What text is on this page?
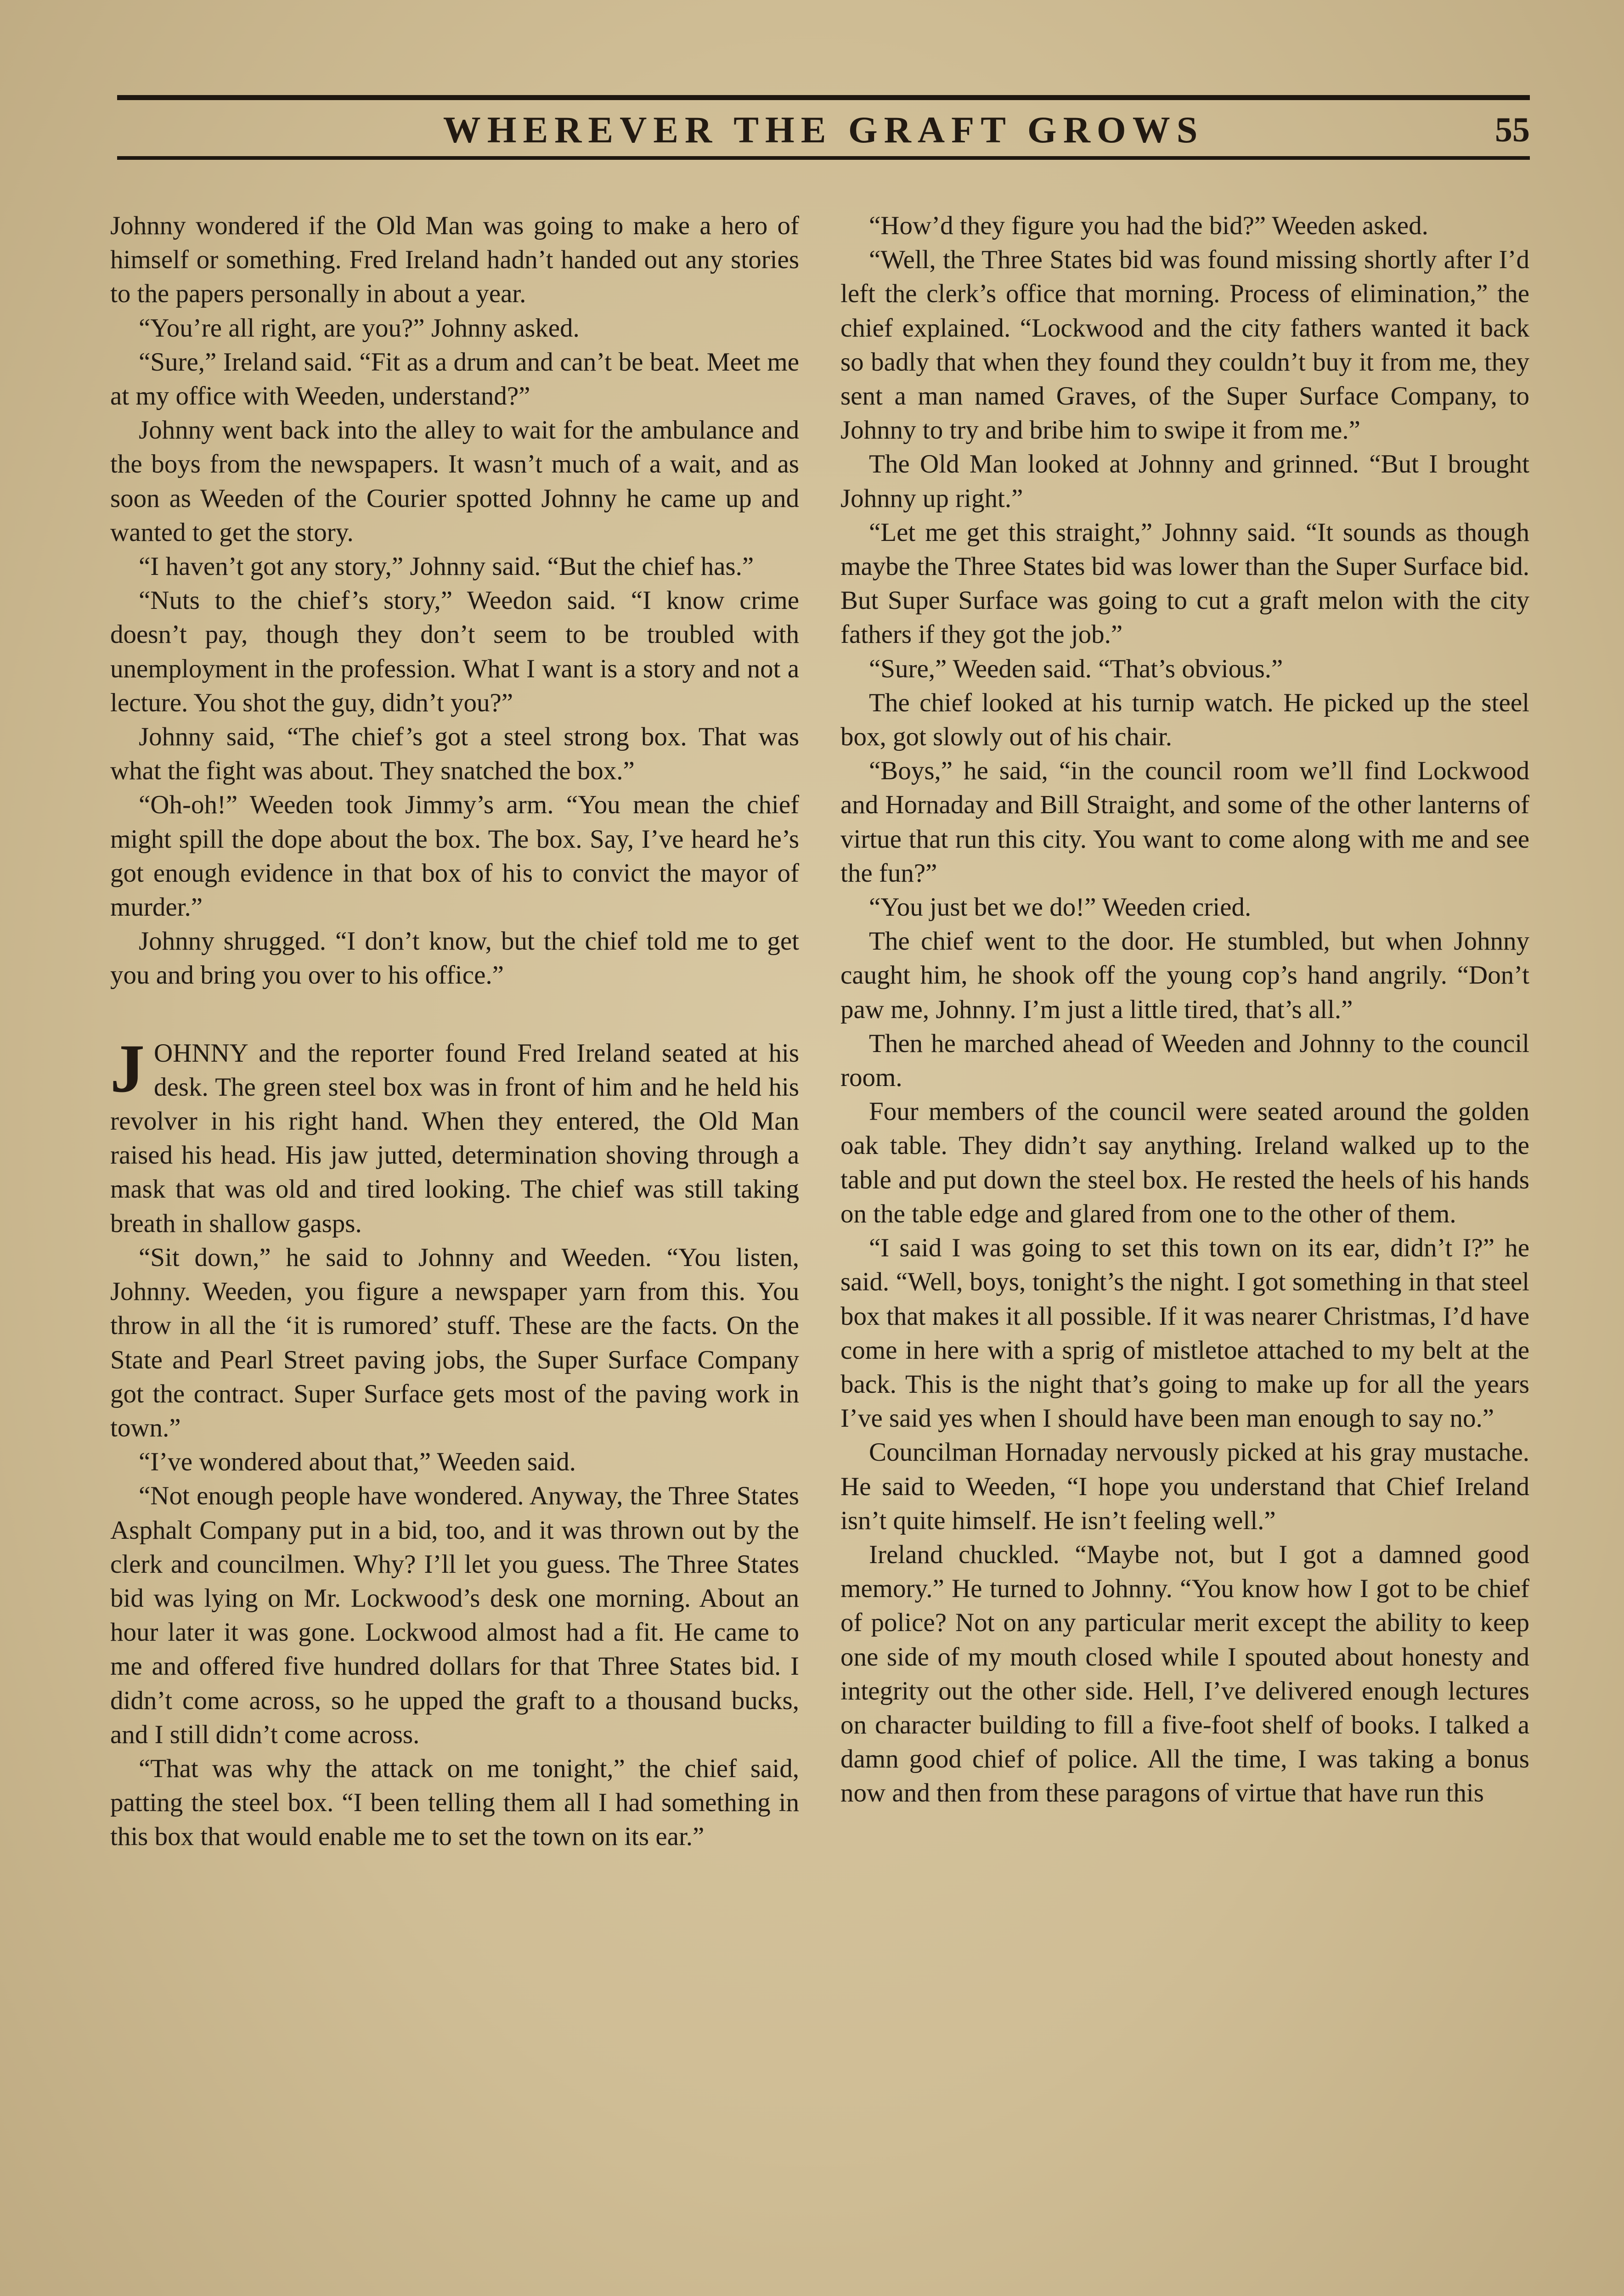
WHEREVER THE GRAFT GROWS	55

Johnny wondered if the Old Man was going to make a hero of himself or something. Fred Ireland hadn’t handed out any stories to the papers personally in about a year.

“You’re all right, are you?” Johnny asked.

“Sure,” Ireland said. “Fit as a drum and can’t be beat. Meet me at my office with Weeden, understand?”

Johnny went back into the alley to wait for the ambulance and the boys from the newspapers. It wasn’t much of a wait, and as soon as Weeden of the Courier spotted Johnny he came up and wanted to get the story.

“I haven’t got any story,” Johnny said. “But the chief has.”

“Nuts to the chief’s story,” Weedon said. “I know crime doesn’t pay, though they don’t seem to be troubled with unemployment in the profession. What I want is a story and not a lecture. You shot the guy, didn’t you?”

Johnny said, “The chief’s got a steel strong box. That was what the fight was about. They snatched the box.”

“Oh-oh!” Weeden took Jimmy’s arm. “You mean the chief might spill the dope about the box. The box. Say, I’ve heard he’s got enough evidence in that box of his to convict the mayor of murder.”

Johnny shrugged. “I don’t know, but the chief told me to get you and bring you over to his office.”

JOHNNY and the reporter found Fred Ireland seated at his desk. The green steel box was in front of him and he held his revolver in his right hand. When they entered, the Old Man raised his head. His jaw jutted, determination shoving through a mask that was old and tired looking. The chief was still taking breath in shallow gasps.

“Sit down,” he said to Johnny and Weeden. “You listen, Johnny. Weeden, you figure a newspaper yarn from this. You throw in all the ‘it is rumored’ stuff. These are the facts. On the State and Pearl Street paving jobs, the Super Surface Company got the contract. Super Surface gets most of the paving work in town.”

“I’ve wondered about that,” Weeden said.

“Not enough people have wondered. Anyway, the Three States Asphalt Company put in a bid, too, and it was thrown out by the clerk and councilmen. Why? I’ll let you guess. The Three States bid was lying on Mr. Lockwood’s desk one morning. About an hour later it was gone. Lockwood almost had a fit. He came to me and offered five hundred dollars for that Three States bid. I didn’t come across, so he upped the graft to a thousand bucks, and I still didn’t come across.

“That was why the attack on me tonight,” the chief said, patting the steel box. “I been telling them all I had something in this box that would enable me to set the town on its ear.”

“How’d they figure you had the bid?” Weeden asked.

“Well, the Three States bid was found missing shortly after I’d left the clerk’s office that morning. Process of elimination,” the chief explained. “Lockwood and the city fathers wanted it back so badly that when they found they couldn’t buy it from me, they sent a man named Graves, of the Super Surface Company, to Johnny to try and bribe him to swipe it from me.”

The Old Man looked at Johnny and grinned. “But I brought Johnny up right.”

“Let me get this straight,” Johnny said. “It sounds as though maybe the Three States bid was lower than the Super Surface bid. But Super Surface was going to cut a graft melon with the city fathers if they got the job.”

“Sure,” Weeden said. “That’s obvious.”

The chief looked at his turnip watch. He picked up the steel box, got slowly out of his chair.

“Boys,” he said, “in the council room we’ll find Lockwood and Hornaday and Bill Straight, and some of the other lanterns of virtue that run this city. You want to come along with me and see the fun?”

“You just bet we do!” Weeden cried.

The chief went to the door. He stumbled, but when Johnny caught him, he shook off the young cop’s hand angrily. “Don’t paw me, Johnny. I’m just a little tired, that’s all.”

Then he marched ahead of Weeden and Johnny to the council room.

Four members of the council were seated around the golden oak table. They didn’t say anything. Ireland walked up to the table and put down the steel box. He rested the heels of his hands on the table edge and glared from one to the other of them.

“I said I was going to set this town on its ear, didn’t I?” he said. “Well, boys, tonight’s the night. I got something in that steel box that makes it all possible. If it was nearer Christmas, I’d have come in here with a sprig of mistletoe attached to my belt at the back. This is the night that’s going to make up for all the years I’ve said yes when I should have been man enough to say no.”

Councilman Hornaday nervously picked at his gray mustache. He said to Weeden, “I hope you understand that Chief Ireland isn’t quite himself. He isn’t feeling well.”

Ireland chuckled. “Maybe not, but I got a damned good memory.” He turned to Johnny. “You know how I got to be chief of police? Not on any particular merit except the ability to keep one side of my mouth closed while I spouted about honesty and integrity out the other side. Hell, I’ve delivered enough lectures on character building to fill a five-foot shelf of books. I talked a damn good chief of police. All the time, I was taking a bonus now and then from these paragons of virtue that have run this
